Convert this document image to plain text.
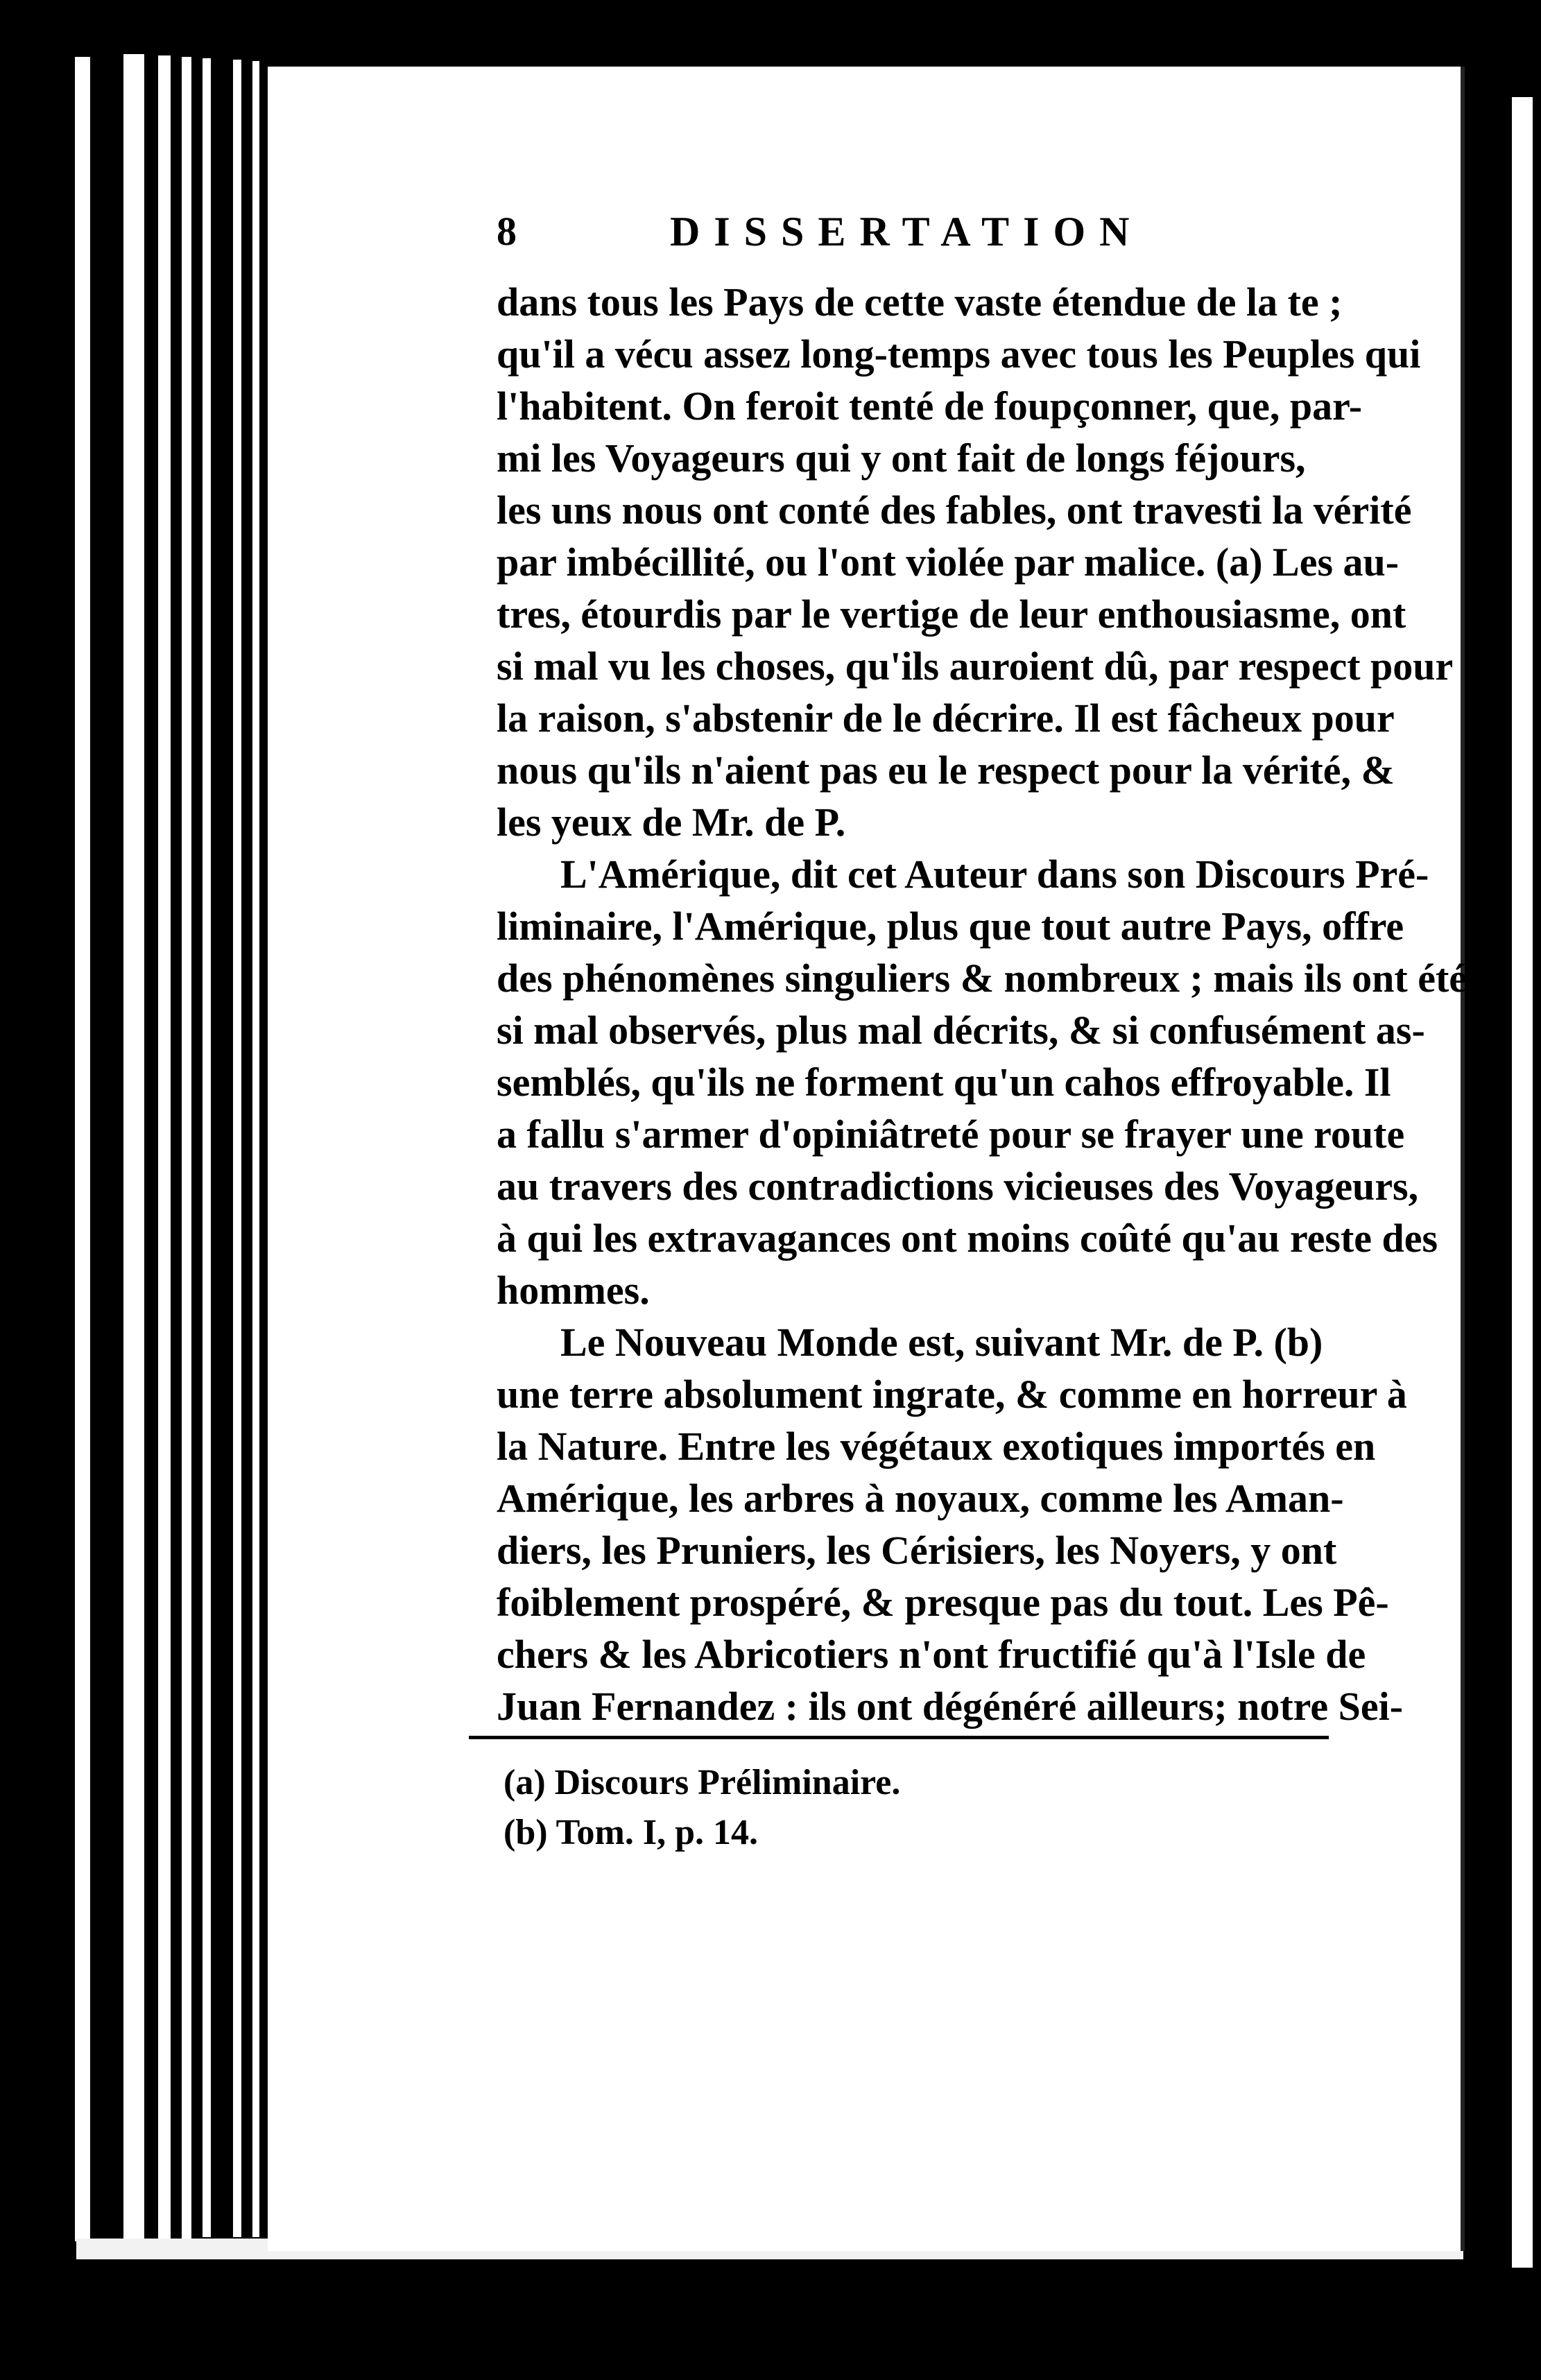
8	DISSERTATION
dans tous les Pays de cette vaste étendue de la te ;
qu'il a vécu assez long-temps avec tous les Peuples qui
l'habitent. On feroit tenté de foupçonner, que, par-
mi les Voyageurs qui y ont fait de longs féjours,
les uns nous ont conté des fables, ont travesti la vérité
par imbécillité, ou l'ont violée par malice. (a) Les au-
tres, étourdis par le vertige de leur enthousiasme, ont
si mal vu les choses, qu'ils auroient dû, par respect pour
la raison, s'abstenir de le décrire. Il est fâcheux pour
nous qu'ils n'aient pas eu le respect pour la vérité, &
les yeux de Mr. de P.
L'Amérique, dit cet Auteur dans son Discours Pré-
liminaire, l'Amérique, plus que tout autre Pays, offre
des phénomènes singuliers & nombreux ; mais ils ont été
si mal observés, plus mal décrits, & si confusément as-
semblés, qu'ils ne forment qu'un cahos effroyable. Il
a fallu s'armer d'opiniâtreté pour se frayer une route
au travers des contradictions vicieuses des Voyageurs,
à qui les extravagances ont moins coûté qu'au reste des
hommes.
Le Nouveau Monde est, suivant Mr. de P. (b)
une terre absolument ingrate, & comme en horreur à
la Nature. Entre les végétaux exotiques importés en
Amérique, les arbres à noyaux, comme les Aman-
diers, les Pruniers, les Cérisiers, les Noyers, y ont
foiblement prospéré, & presque pas du tout. Les Pê-
chers & les Abricotiers n'ont fructifié qu'à l'Isle de
Juan Fernandez : ils ont dégénéré ailleurs; notre Sei-
(a) Discours Préliminaire.
(b) Tom. I, p. 14.
